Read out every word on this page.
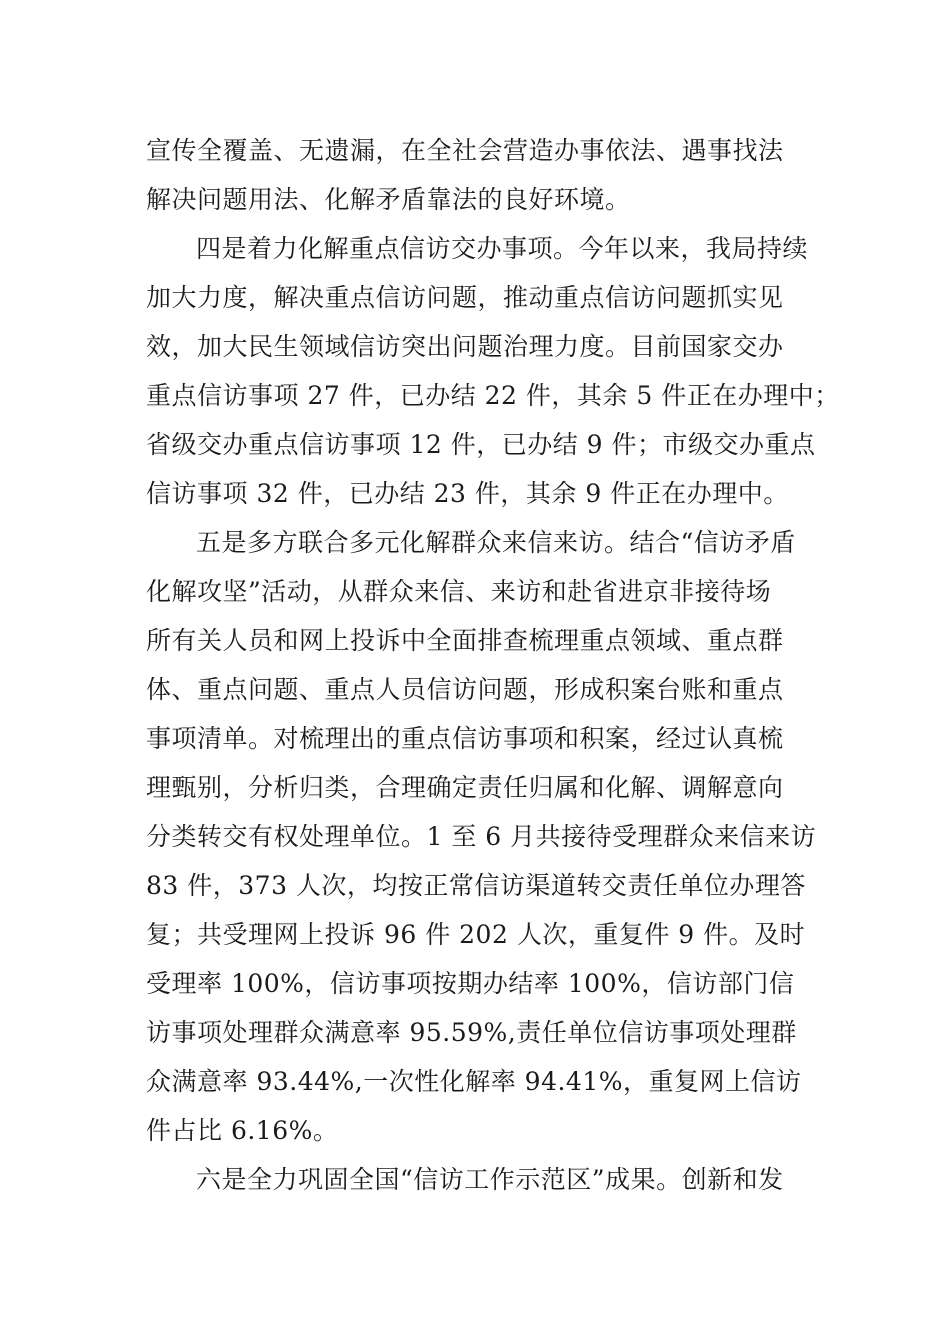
宣传全覆盖、无遗漏，在全社会营造办事依法、遇事找法
解决问题用法、化解矛盾靠法的良好环境。
四是着力化解重点信访交办事项。今年以来，我局持续
加大力度，解决重点信访问题，推动重点信访问题抓实见
效，加大民生领域信访突出问题治理力度。目前国家交办
重点信访事项 27 件，已办结 22 件，其余 5 件正在办理中；
省级交办重点信访事项 12 件，已办结 9 件；市级交办重点
信访事项 32 件，已办结 23 件，其余 9 件正在办理中。
五是多方联合多元化解群众来信来访。结合“信访矛盾
化解攻坚”活动，从群众来信、来访和赴省进京非接待场
所有关人员和网上投诉中全面排查梳理重点领域、重点群
体、重点问题、重点人员信访问题，形成积案台账和重点
事项清单。对梳理出的重点信访事项和积案，经过认真梳
理甄别，分析归类，合理确定责任归属和化解、调解意向
分类转交有权处理单位。1 至 6 月共接待受理群众来信来访
83 件，373 人次，均按正常信访渠道转交责任单位办理答
复；共受理网上投诉 96 件 202 人次，重复件 9 件。及时
受理率 100%，信访事项按期办结率 100%，信访部门信
访事项处理群众满意率 95.59%,责任单位信访事项处理群
众满意率 93.44%,一次性化解率 94.41%，重复网上信访
件占比 6.16%。
六是全力巩固全国“信访工作示范区”成果。创新和发
